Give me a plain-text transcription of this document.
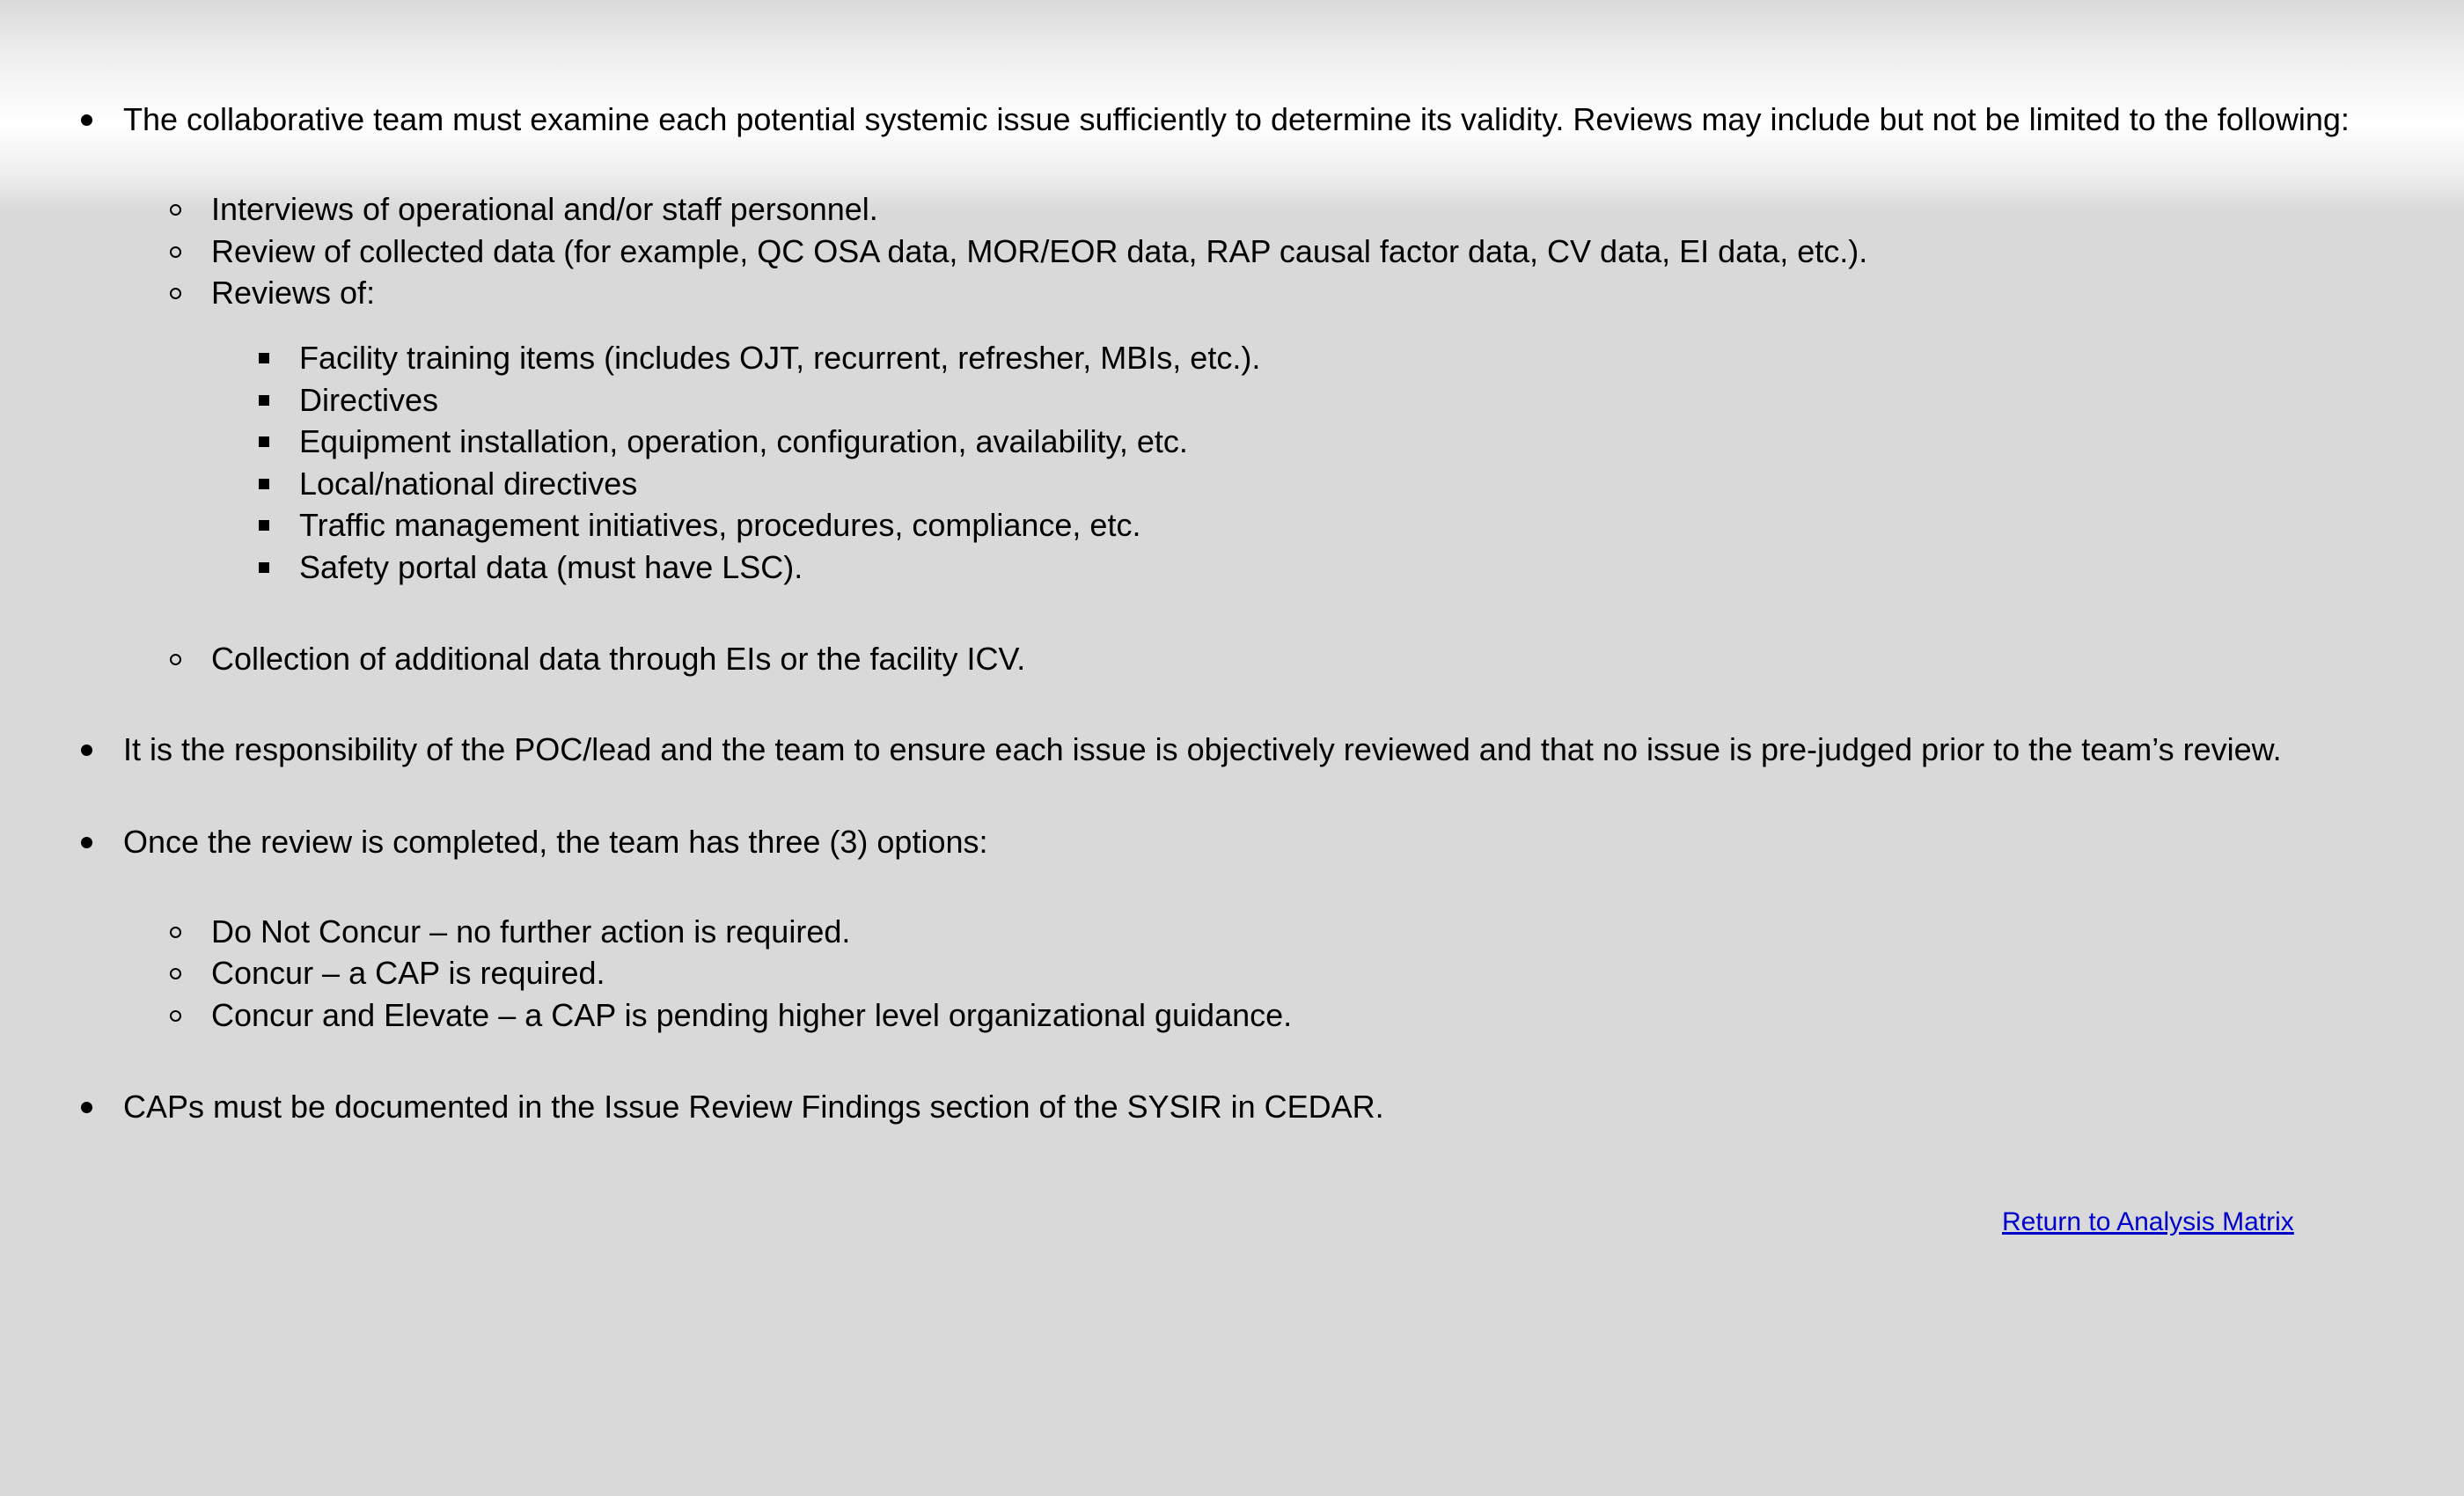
The collaborative team must examine each potential systemic issue sufficiently to determine its validity. Reviews may include but not be limited to the following:
Interviews of operational and/or staff personnel.
Review of collected data (for example, QC OSA data, MOR/EOR data, RAP causal factor data, CV data, EI data, etc.).
Reviews of:
Facility training items (includes OJT, recurrent, refresher, MBIs, etc.).
Directives
Equipment installation, operation, configuration, availability, etc.
Local/national directives
Traffic management initiatives, procedures, compliance, etc.
Safety portal data (must have LSC).
Collection of additional data through EIs or the facility ICV.
It is the responsibility of the POC/lead and the team to ensure each issue is objectively reviewed and that no issue is pre-judged prior to the team’s review.
Once the review is completed, the team has three (3) options:
Do Not Concur – no further action is required.
Concur – a CAP is required.
Concur and Elevate – a CAP is pending higher level organizational guidance.
CAPs must be documented in the Issue Review Findings section of the SYSIR in CEDAR.
Return to Analysis Matrix
